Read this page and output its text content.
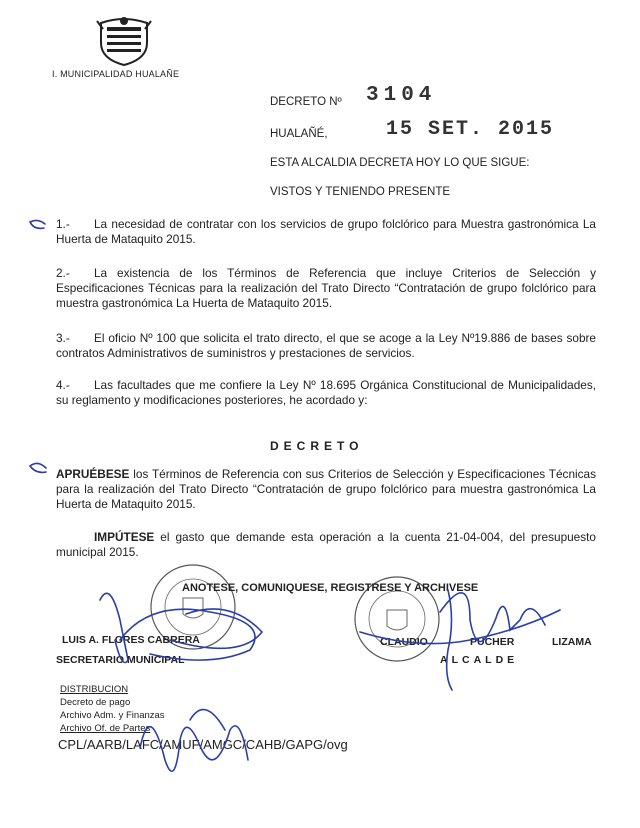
I. MUNICIPALIDAD HUALAÑE
DECRETO Nº 3104
HUALAÑÉ,	15 SET. 2015
ESTA ALCALDIA DECRETA HOY LO QUE SIGUE:
VISTOS Y TENIENDO PRESENTE
1.- La necesidad de contratar con los servicios de grupo folclórico para Muestra gastronómica La Huerta de Mataquito 2015.
2.- La existencia de los Términos de Referencia que incluye Criterios de Selección y Especificaciones Técnicas para la realización del Trato Directo “Contratación de grupo folclórico para muestra gastronómica La Huerta de Mataquito 2015.
3.- El oficio Nº 100 que solicita el trato directo, el que se acoge a la Ley Nº19.886 de bases sobre contratos Administrativos de suministros y prestaciones de servicios.
4.- Las facultades que me confiere la Ley Nº 18.695 Orgánica Constitucional de Municipalidades, su reglamento y modificaciones posteriores, he acordado y:
DECRETO
APRUÉBESE los Términos de Referencia con sus Criterios de Selección y Especificaciones Técnicas para la realización del Trato Directo “Contratación de grupo folclórico para muestra gastronómica La Huerta de Mataquito 2015.
IMPÚTESE el gasto que demande esta operación a la cuenta 21-04-004, del presupuesto municipal 2015.
ANOTESE, COMUNIQUESE, REGISTRESE Y ARCHIVESE
LUIS A. FLORES CABRERA
SECRETARIO MUNICIPAL
CLAUDIO	PUCHER	LIZAMA
ALCALDE
DISTRIBUCION
Decreto de pago
Archivo Adm. y Finanzas
Archivo Of. de Partes
CPL/AARB/LAFC/AMUF/AMGC/CAHB/GAPG/ovg
